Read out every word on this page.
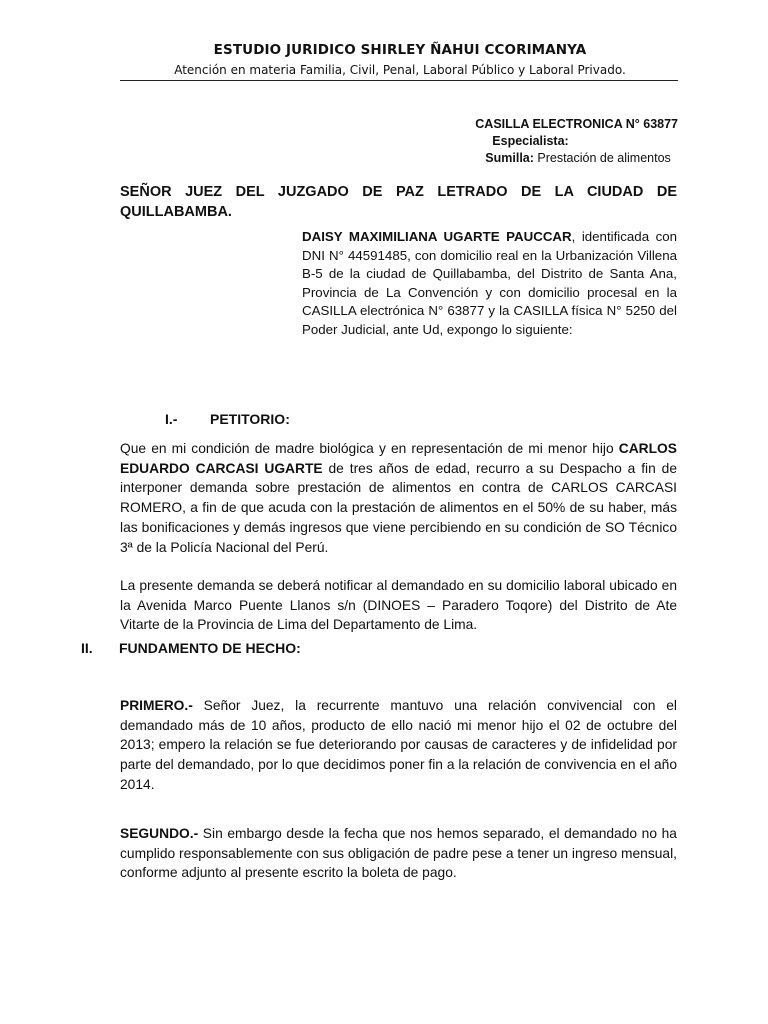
ESTUDIO JURIDICO SHIRLEY ÑAHUI CCORIMANYA
Atención en materia Familia, Civil, Penal, Laboral Público y Laboral Privado.
CASILLA ELECTRONICA N° 63877
Especialista:
Sumilla: Prestación de alimentos
SEÑOR JUEZ DEL JUZGADO DE PAZ LETRADO DE LA CIUDAD DE QUILLABAMBA.
DAISY MAXIMILIANA UGARTE PAUCCAR, identificada con DNI N° 44591485, con domicilio real en la Urbanización Villena B-5 de la ciudad de Quillabamba, del Distrito de Santa Ana, Provincia de La Convención y con domicilio procesal en la CASILLA electrónica N° 63877 y la CASILLA física N° 5250 del Poder Judicial, ante Ud, expongo lo siguiente:
I.- PETITORIO:
Que en mi condición de madre biológica y en representación de mi menor hijo CARLOS EDUARDO CARCASI UGARTE de tres años de edad, recurro a su Despacho a fin de interponer demanda sobre prestación de alimentos en contra de CARLOS CARCASI ROMERO, a fin de que acuda con la prestación de alimentos en el 50% de su haber, más las bonificaciones y demás ingresos que viene percibiendo en su condición de SO Técnico 3ª de la Policía Nacional del Perú.
La presente demanda se deberá notificar al demandado en su domicilio laboral ubicado en la Avenida Marco Puente Llanos s/n (DINOES – Paradero Toqore) del Distrito de Ate Vitarte de la Provincia de Lima del Departamento de Lima.
II. FUNDAMENTO DE HECHO:
PRIMERO.- Señor Juez, la recurrente mantuvo una relación convivencial con el demandado más de 10 años, producto de ello nació mi menor hijo el 02 de octubre del 2013; empero la relación se fue deteriorando por causas de caracteres y de infidelidad por parte del demandado, por lo que decidimos poner fin a la relación de convivencia en el año 2014.
SEGUNDO.- Sin embargo desde la fecha que nos hemos separado, el demandado no ha cumplido responsablemente con sus obligación de padre pese a tener un ingreso mensual, conforme adjunto al presente escrito la boleta de pago.
